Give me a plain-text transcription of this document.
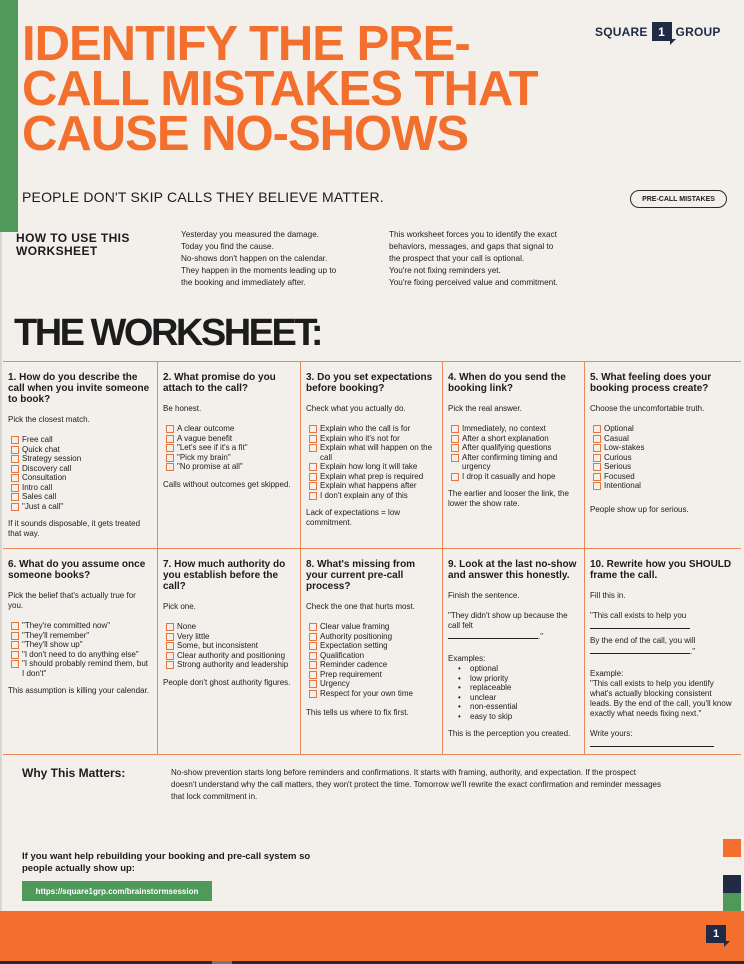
IDENTIFY THE PRE-CALL MISTAKES THAT CAUSE NO-SHOWS
SQUARE 1 GROUP
PEOPLE DON'T SKIP CALLS THEY BELIEVE MATTER.	PRE-CALL MISTAKES
HOW TO USE THIS WORKSHEET
Yesterday you measured the damage.
Today you find the cause.
No-shows don't happen on the calendar.
They happen in the moments leading up to
the booking and immediately after.
This worksheet forces you to identify the exact
behaviors, messages, and gaps that signal to
the prospect that your call is optional.
You're not fixing reminders yet.
You're fixing perceived value and commitment.
THE WORKSHEET:
1. How do you describe the call when you invite someone to book?
Pick the closest match.
Free call
Quick chat
Strategy session
Discovery call
Consultation
Intro call
Sales call
"Just a call"
If it sounds disposable, it gets treated that way.
2. What promise do you attach to the call?
Be honest.
A clear outcome
A vague benefit
"Let's see if it's a fit"
"Pick my brain"
"No promise at all"
Calls without outcomes get skipped.
3. Do you set expectations before booking?
Check what you actually do.
Explain who the call is for
Explain who it's not for
Explain what will happen on the call
Explain how long it will take
Explain what prep is required
Explain what happens after
I don't explain any of this
Lack of expectations = low commitment.
4. When do you send the booking link?
Pick the real answer.
Immediately, no context
After a short explanation
After qualifying questions
After confirming timing and urgency
I drop it casually and hope
The earlier and looser the link, the lower the show rate.
5. What feeling does your booking process create?
Choose the uncomfortable truth.
Optional
Casual
Low-stakes
Curious
Serious
Focused
Intentional
People show up for serious.
6. What do you assume once someone books?
Pick the belief that's actually true for you.
"They're committed now"
"They'll remember"
"They'll show up"
"I don't need to do anything else"
"I should probably remind them, but I don't"
This assumption is killing your calendar.
7. How much authority do you establish before the call?
Pick one.
None
Very little
Some, but inconsistent
Clear authority and positioning
Strong authority and leadership
People don't ghost authority figures.
8. What's missing from your current pre-call process?
Check the one that hurts most.
Clear value framing
Authority positioning
Expectation setting
Qualification
Reminder cadence
Prep requirement
Urgency
Respect for your own time
This tells us where to fix first.
9. Look at the last no-show and answer this honestly.
Finish the sentence.
"They didn't show up because the call felt
."
Examples:
• optional
• low priority
• replaceable
• unclear
• non-essential
• easy to skip
This is the perception you created.
10. Rewrite how you SHOULD frame the call.
Fill this in.
"This call exists to help you
By the end of the call, you will
."
Example:
"This call exists to help you identify what's actually blocking consistent leads. By the end of the call, you'll know exactly what needs fixing next."
Write yours:
Why This Matters:	No-show prevention starts long before reminders and confirmations. It starts with framing, authority, and expectation. If the prospect doesn't understand why the call matters, they won't protect the time. Tomorrow we'll rewrite the exact confirmation and reminder messages that lock commitment in.
If you want help rebuilding your booking and pre-call system so people actually show up:
https://square1grp.com/brainstormsession
1
